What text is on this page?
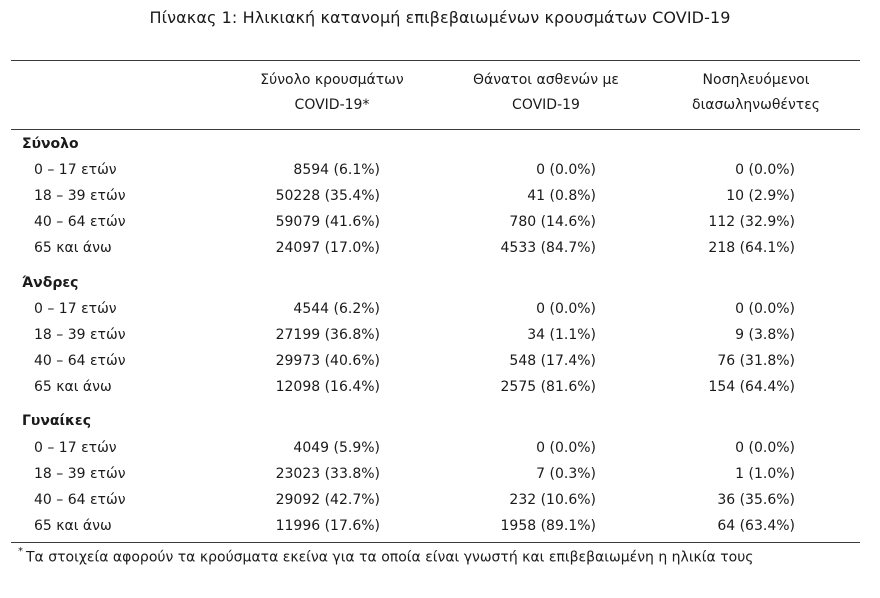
Πίνακας 1: Ηλικιακή κατανομή επιβεβαιωμένων κρουσμάτων COVID-19
Σύνολο κρουσμάτων
COVID-19*
Θάνατοι ασθενών με
COVID-19
Νοσηλευόμενοι
διασωληνωθέντες
Σύνολο
0 – 17 ετών	8594 (6.1%)	0 (0.0%)	0 (0.0%)
18 – 39 ετών	50228 (35.4%)	41 (0.8%)	10 (2.9%)
40 – 64 ετών	59079 (41.6%)	780 (14.6%)	112 (32.9%)
65 και άνω	24097 (17.0%)	4533 (84.7%)	218 (64.1%)
Άνδρες
0 – 17 ετών	4544 (6.2%)	0 (0.0%)	0 (0.0%)
18 – 39 ετών	27199 (36.8%)	34 (1.1%)	9 (3.8%)
40 – 64 ετών	29973 (40.6%)	548 (17.4%)	76 (31.8%)
65 και άνω	12098 (16.4%)	2575 (81.6%)	154 (64.4%)
Γυναίκες
0 – 17 ετών	4049 (5.9%)	0 (0.0%)	0 (0.0%)
18 – 39 ετών	23023 (33.8%)	7 (0.3%)	1 (1.0%)
40 – 64 ετών	29092 (42.7%)	232 (10.6%)	36 (35.6%)
65 και άνω	11996 (17.6%)	1958 (89.1%)	64 (63.4%)
* Τα στοιχεία αφορούν τα κρούσματα εκείνα για τα οποία είναι γνωστή και επιβεβαιωμένη η ηλικία τους
